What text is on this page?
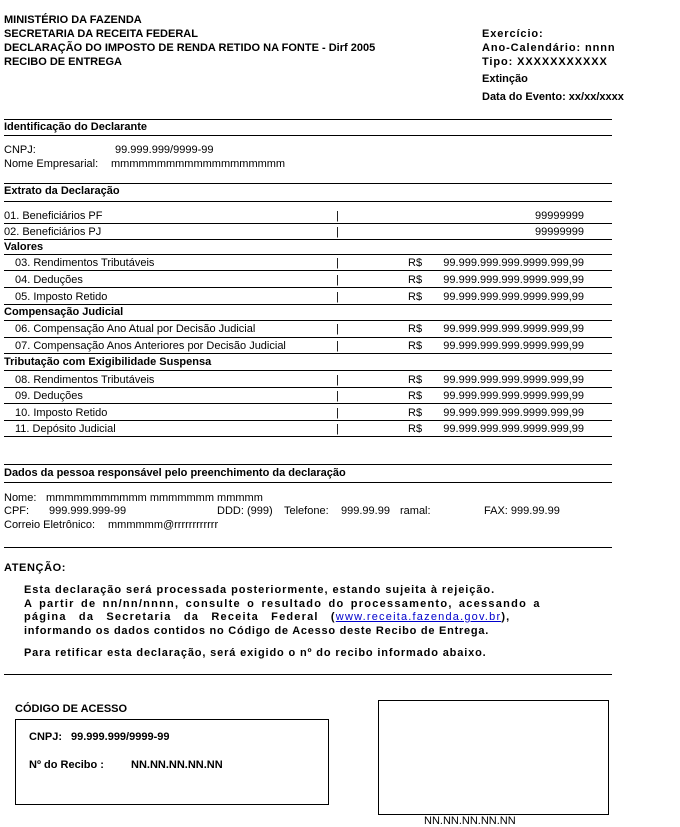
MINISTÉRIO DA FAZENDA
SECRETARIA DA RECEITA FEDERAL
DECLARAÇÃO DO IMPOSTO DE RENDA RETIDO NA FONTE - Dirf 2005
RECIBO DE ENTREGA
Exercício:
Ano-Calendário: nnnn
Tipo: XXXXXXXXXXX
Extinção
Data do Evento: xx/xx/xxxx
Identificação do Declarante
CNPJ:	99.999.999/9999-99
Nome Empresarial: mmmmmmmmmmmmmmmmmmm
Extrato da Declaração
01. Beneficiários PF	|	99999999
02. Beneficiários PJ	|	99999999
Valores
03. Rendimentos Tributáveis	|	R$ 99.999.999.999.9999.999,99
04. Deduções	|	R$ 99.999.999.999.9999.999,99
05. Imposto Retido	|	R$ 99.999.999.999.9999.999,99
Compensação Judicial
06. Compensação Ano Atual por Decisão Judicial	|	R$ 99.999.999.999.9999.999,99
07. Compensação Anos Anteriores por Decisão Judicial	|	R$ 99.999.999.999.9999.999,99
Tributação com Exigibilidade Suspensa
08. Rendimentos Tributáveis	|	R$ 99.999.999.999.9999.999,99
09. Deduções	|	R$ 99.999.999.999.9999.999,99
10. Imposto Retido	|	R$ 99.999.999.999.9999.999,99
11. Depósito Judicial	|	R$ 99.999.999.999.9999.999,99
Dados da pessoa responsável pelo preenchimento da declaração
Nome: mmmmmmmmmmm mmmmmmm mmmmm
CPF: 999.999.999-99	DDD: (999) Telefone: 999.99.99 ramal:	FAX: 999.99.99
Correio Eletrônico: mmmmmm@rrrrrrrrrrrr
ATENÇÃO:
Esta declaração será processada posteriormente, estando sujeita à rejeição.
A partir de nn/nn/nnnn, consulte o resultado do processamento, acessando a
página da Secretaria da Receita Federal (www.receita.fazenda.gov.br),
informando os dados contidos no Código de Acesso deste Recibo de Entrega.
Para retificar esta declaração, será exigido o nº do recibo informado abaixo.
CÓDIGO DE ACESSO
CNPJ: 99.999.999/9999-99
Nº do Recibo : NN.NN.NN.NN.NN
NN.NN.NN.NN.NN
